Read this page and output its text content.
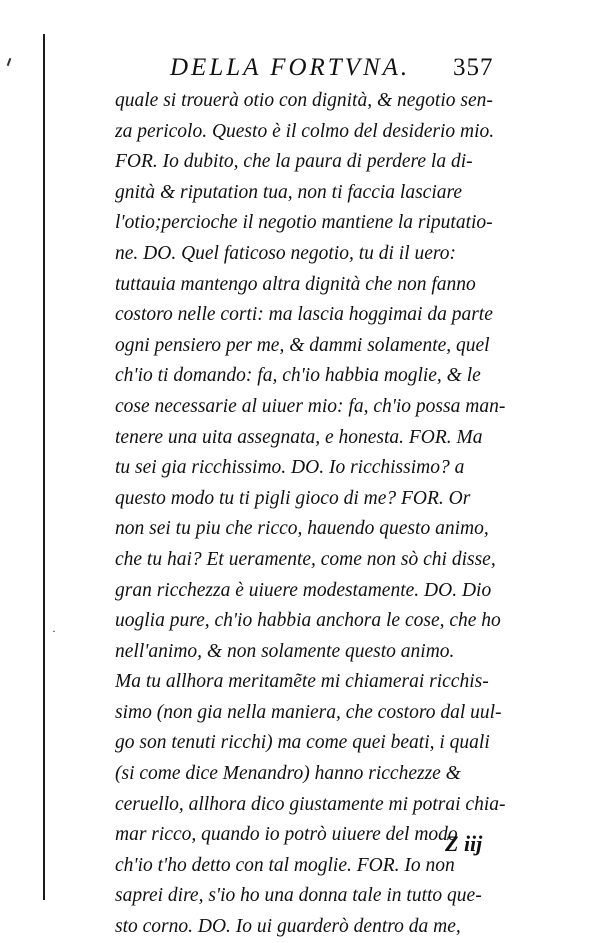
·
DELLA FORTVNA. 357
quale si trouerà otio con dignità, & negotio sen-
za pericolo. Questo è il colmo del desiderio mio.
FOR. Io dubito, che la paura di perdere la di-
gnità & riputation tua, non ti faccia lasciare
l'otio;percioche il negotio mantiene la riputatio-
ne. DO. Quel faticoso negotio, tu di il uero:
tuttauia mantengo altra dignità che non fanno
costoro nelle corti: ma lascia hoggimai da parte
ogni pensiero per me, & dammi solamente, quel
ch'io ti domando: fa, ch'io habbia moglie, & le
cose necessarie al uiuer mio: fa, ch'io possa man-
tenere una uita assegnata, e honesta. FOR. Ma
tu sei gia ricchissimo. DO. Io ricchissimo? a
questo modo tu ti pigli gioco di me? FOR. Or
non sei tu piu che ricco, hauendo questo animo,
che tu hai? Et ueramente, come non sò chi disse,
gran ricchezza è uiuere modestamente. DO. Dio
uoglia pure, ch'io habbia anchora le cose, che ho
nell'animo, & non solamente questo animo.
Ma tu allhora meritamẽte mi chiamerai ricchis-
simo (non gia nella maniera, che costoro dal uul-
go son tenuti ricchi) ma come quei beati, i quali
(si come dice Menandro) hanno ricchezze &
ceruello, allhora dico giustamente mi potrai chia-
mar ricco, quando io potrò uiuere del modo
ch'io t'ho detto con tal moglie. FOR. Io non
saprei dire, s'io ho una donna tale in tutto que-
sto corno. DO. Io ui guarderò dentro da me,
Z iij
